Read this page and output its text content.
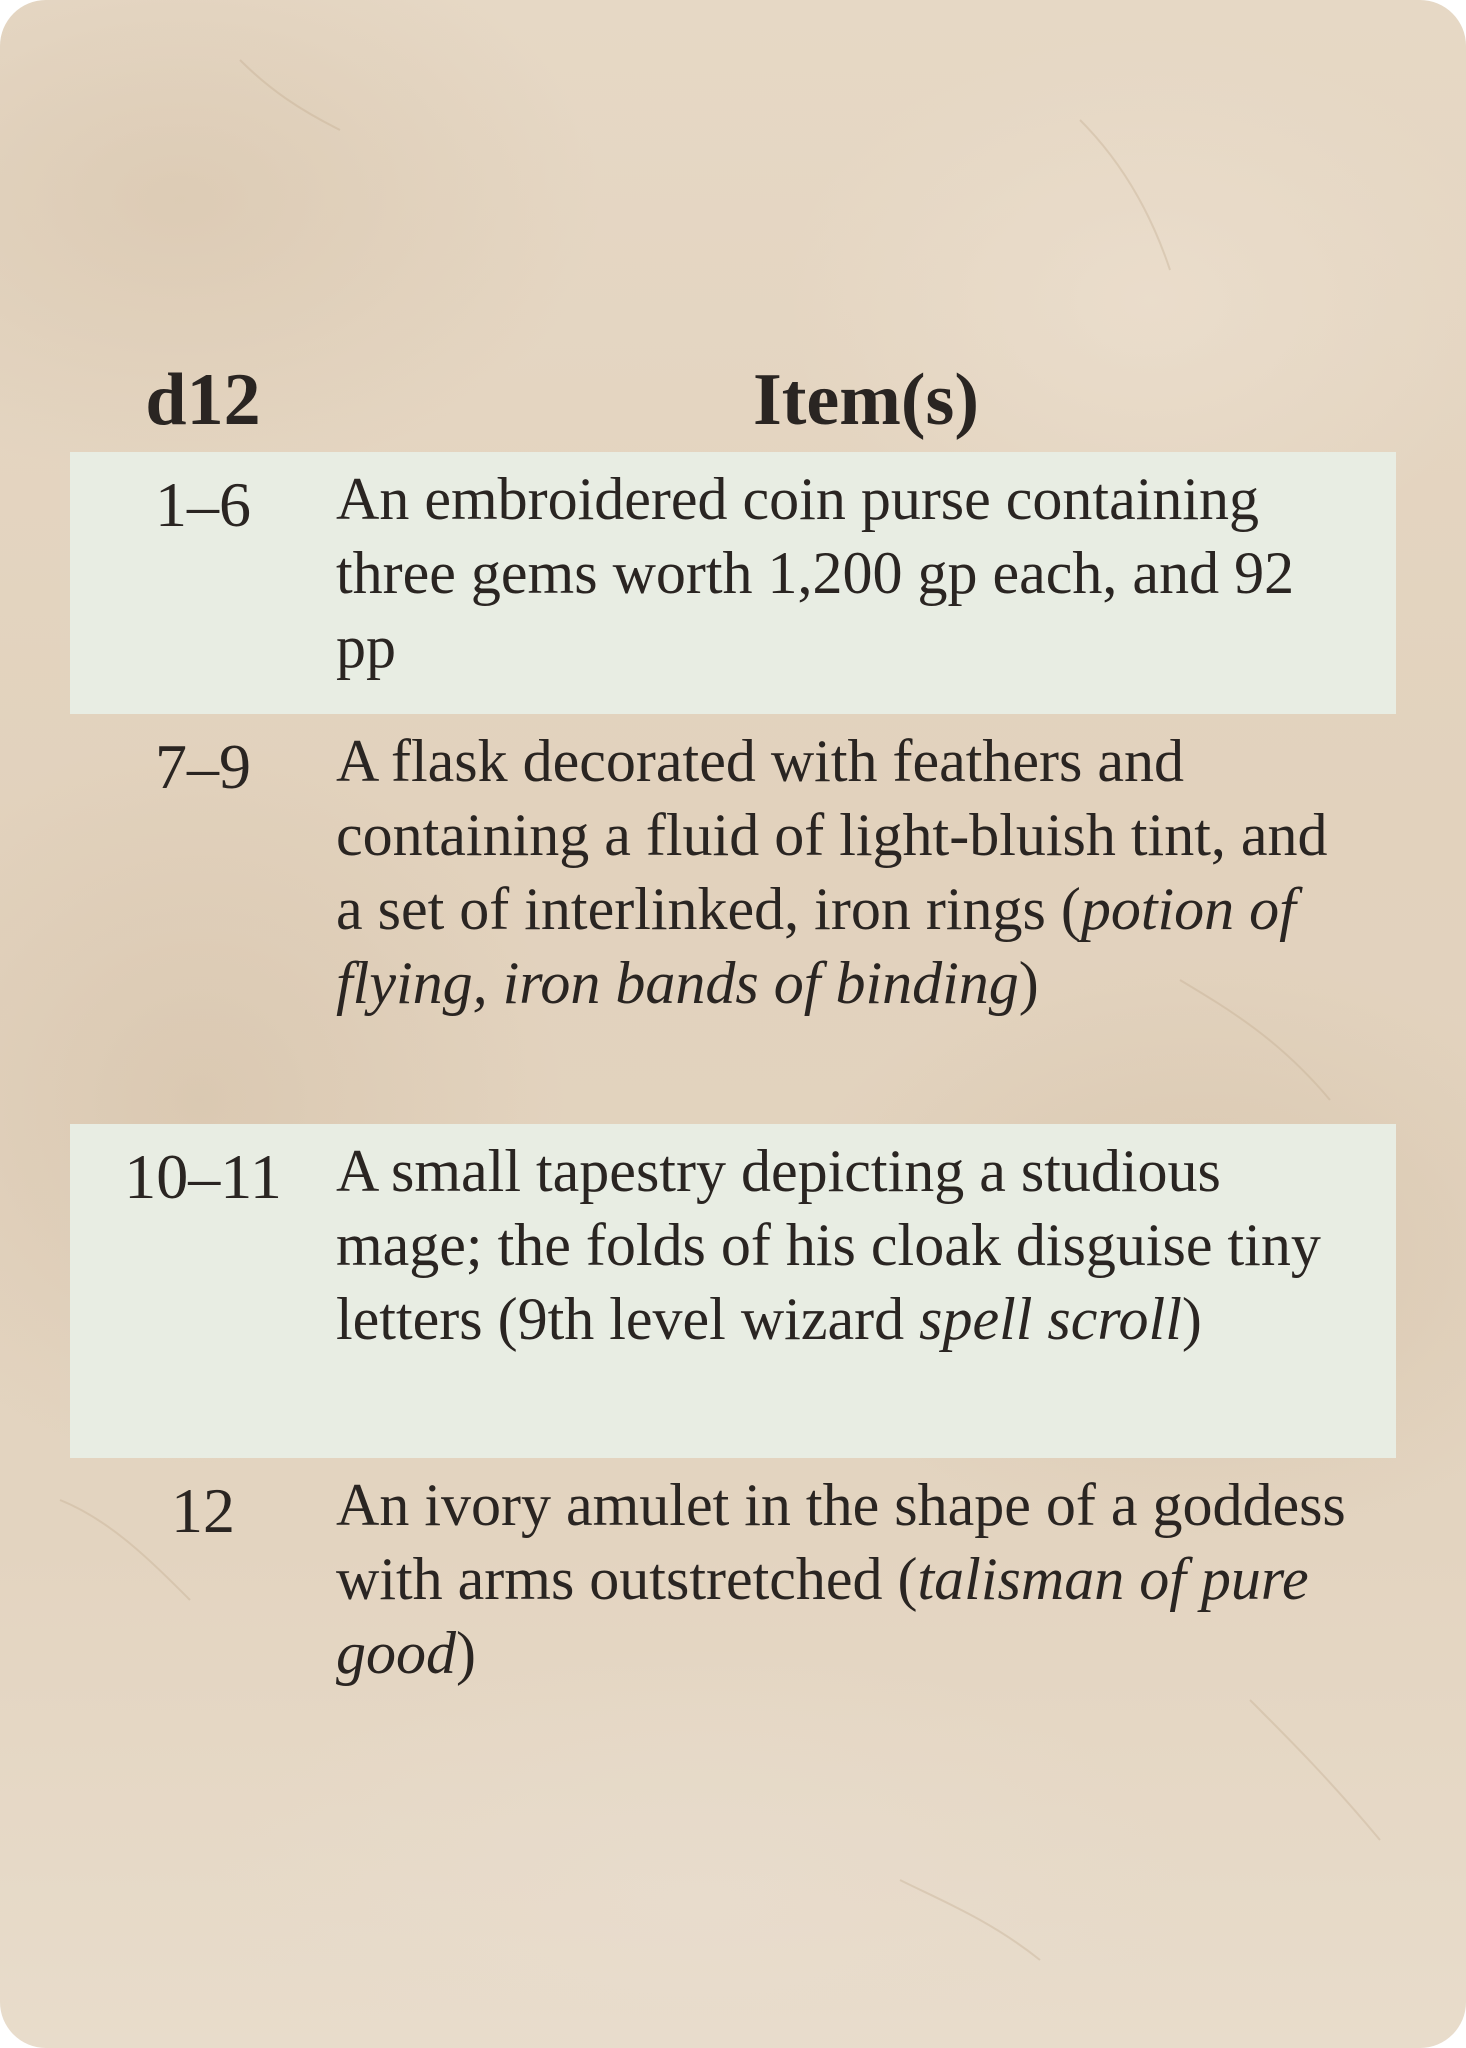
d12	Item(s)
1–6	An embroidered coin purse containing three gems worth 1,200 gp each, and 92 pp
7–9	A flask decorated with feathers and containing a fluid of light-bluish tint, and a set of interlinked, iron rings (potion of flying, iron bands of binding)
10–11 A small tapestry depicting a studious mage; the folds of his cloak disguise tiny letters (9th level wizard spell scroll)
12	An ivory amulet in the shape of a goddess with arms outstretched (talisman of pure good)
